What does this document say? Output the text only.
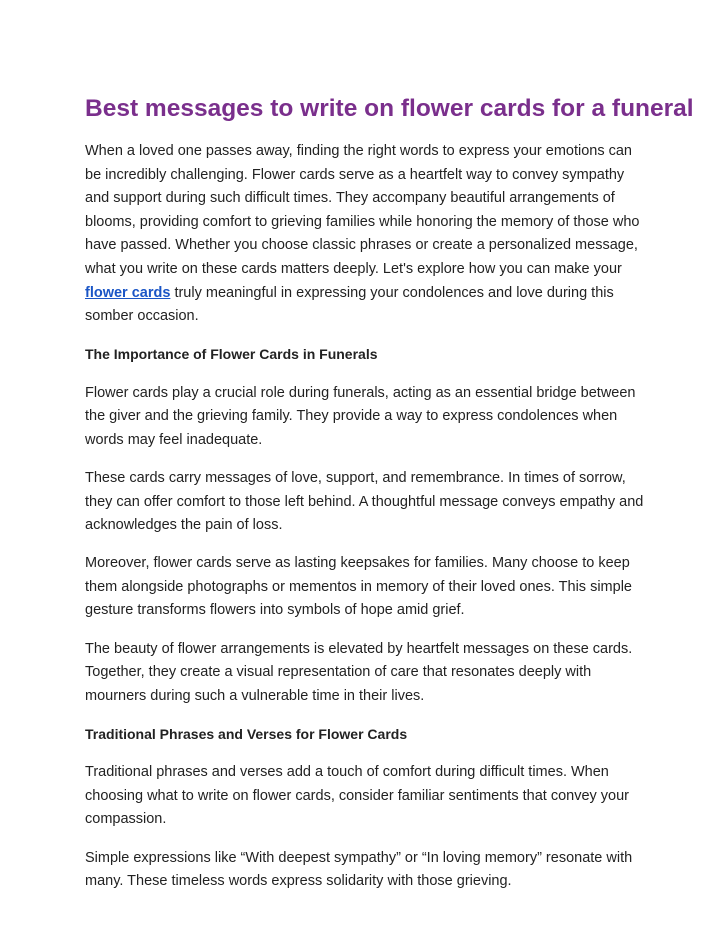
Best messages to write on flower cards for a funeral

When a loved one passes away, finding the right words to express your emotions can be incredibly challenging. Flower cards serve as a heartfelt way to convey sympathy and support during such difficult times. They accompany beautiful arrangements of blooms, providing comfort to grieving families while honoring the memory of those who have passed. Whether you choose classic phrases or create a personalized message, what you write on these cards matters deeply. Let's explore how you can make your flower cards truly meaningful in expressing your condolences and love during this somber occasion.

The Importance of Flower Cards in Funerals

Flower cards play a crucial role during funerals, acting as an essential bridge between the giver and the grieving family. They provide a way to express condolences when words may feel inadequate.

These cards carry messages of love, support, and remembrance. In times of sorrow, they can offer comfort to those left behind. A thoughtful message conveys empathy and acknowledges the pain of loss.

Moreover, flower cards serve as lasting keepsakes for families. Many choose to keep them alongside photographs or mementos in memory of their loved ones. This simple gesture transforms flowers into symbols of hope amid grief.

The beauty of flower arrangements is elevated by heartfelt messages on these cards. Together, they create a visual representation of care that resonates deeply with mourners during such a vulnerable time in their lives.

Traditional Phrases and Verses for Flower Cards

Traditional phrases and verses add a touch of comfort during difficult times. When choosing what to write on flower cards, consider familiar sentiments that convey your compassion.

Simple expressions like “With deepest sympathy” or “In loving memory” resonate with many. These timeless words express solidarity with those grieving.
